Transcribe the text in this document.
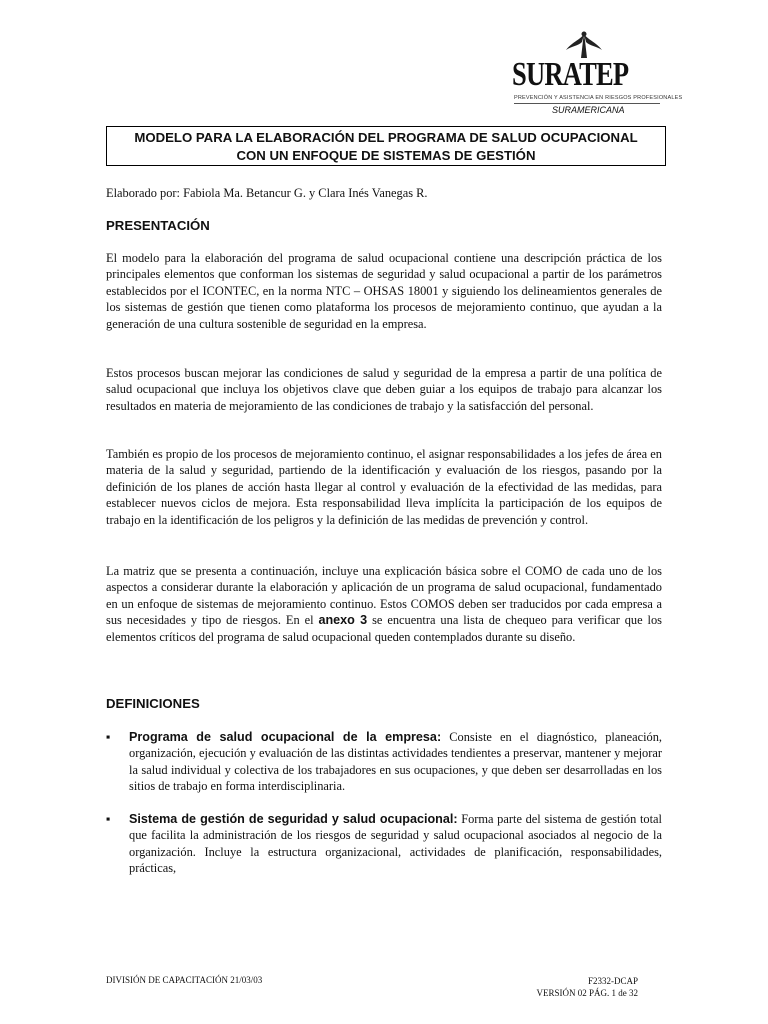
SURATEP
PREVENCIÓN Y ASISTENCIA EN RIESGOS PROFESIONALES
SURAMERICANA
MODELO PARA LA ELABORACIÓN DEL PROGRAMA DE SALUD OCUPACIONAL
CON UN ENFOQUE DE SISTEMAS DE GESTIÓN
Elaborado por: Fabiola Ma. Betancur G. y Clara Inés Vanegas R.
PRESENTACIÓN
El modelo para la elaboración del programa de salud ocupacional contiene una descripción práctica de los principales elementos que conforman los sistemas de seguridad y salud ocupacional a partir de los parámetros establecidos por el ICONTEC, en la norma NTC – OHSAS 18001 y siguiendo los delineamientos generales de los sistemas de gestión que tienen como plataforma los procesos de mejoramiento continuo, que ayudan a la generación de una cultura sostenible de seguridad en la empresa.
Estos procesos buscan mejorar las condiciones de salud y seguridad de la empresa a partir de una política de salud ocupacional que incluya los objetivos clave que deben guiar a los equipos de trabajo para alcanzar los resultados en materia de mejoramiento de las condiciones de trabajo y la satisfacción del personal.
También es propio de los procesos de mejoramiento continuo, el asignar responsabilidades a los jefes de área en materia de la salud y seguridad, partiendo de la identificación y evaluación de los riesgos, pasando por la definición de los planes de acción hasta llegar al control y evaluación de la efectividad de las medidas, para establecer nuevos ciclos de mejora. Esta responsabilidad lleva implícita la participación de los equipos de trabajo en la identificación de los peligros y la definición de las medidas de prevención y control.
La matriz que se presenta a continuación, incluye una explicación básica sobre el COMO de cada uno de los aspectos a considerar durante la elaboración y aplicación de un programa de salud ocupacional, fundamentado en un enfoque de sistemas de mejoramiento continuo. Estos COMOS deben ser traducidos por cada empresa a sus necesidades y tipo de riesgos. En el anexo 3 se encuentra una lista de chequeo para verificar que los elementos críticos del programa de salud ocupacional queden contemplados durante su diseño.
DEFINICIONES
▪	Programa de salud ocupacional de la empresa: Consiste en el diagnóstico, planeación, organización, ejecución y evaluación de las distintas actividades tendientes a preservar, mantener y mejorar la salud individual y colectiva de los trabajadores en sus ocupaciones, y que deben ser desarrolladas en los sitios de trabajo en forma interdisciplinaria.
▪	Sistema de gestión de seguridad y salud ocupacional: Forma parte del sistema de gestión total que facilita la administración de los riesgos de seguridad y salud ocupacional asociados al negocio de la organización. Incluye la estructura organizacional, actividades de planificación, responsabilidades, prácticas,
DIVISIÓN DE CAPACITACIÓN 21/03/03	F2332-DCAP
VERSIÓN 02 PÁG. 1 de 32
